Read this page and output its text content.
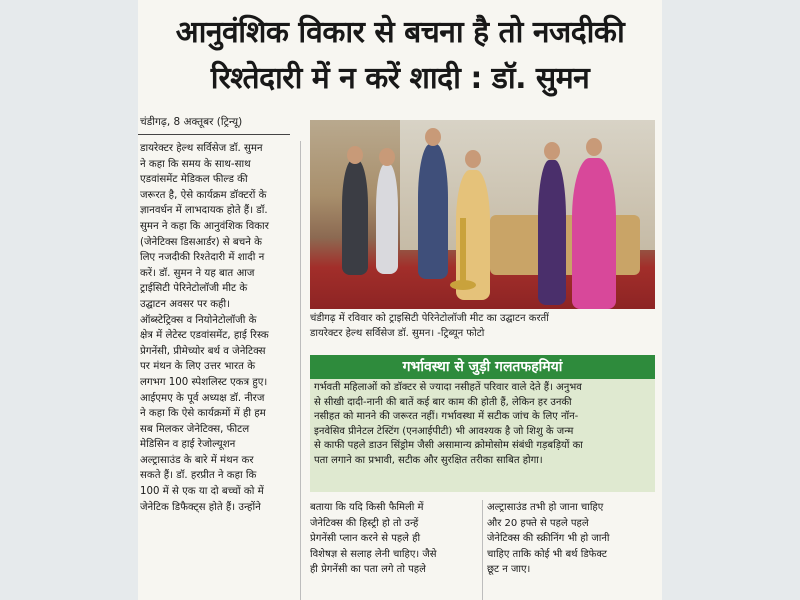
आनुवंशिक विकार से बचना है तो नजदीकी
रिश्तेदारी में न करें शादी : डॉ. सुमन
चंडीगढ़, 8 अक्तूबर (ट्रिन्यू)
डायरेक्टर हेल्थ सर्विसेज डॉ. सुमन
ने कहा कि समय के साथ-साथ
एडवांसमेंट मेडिकल फील्ड की
जरूरत है, ऐसे कार्यक्रम डॉक्टरों के
ज्ञानवर्धन में लाभदायक होते हैं। डॉ.
सुमन ने कहा कि आनुवंशिक विकार
(जेनेटिक्स डिसआर्डर) से बचने के
लिए नजदीकी रिश्तेदारी में शादी न
करें। डॉ. सुमन ने यह बात आज
ट्राईसिटी पेरिनेटोलॉजी मीट के
उद्घाटन अवसर पर कही।
ऑब्स्टेट्रिक्स व नियोनेटोलॉजी के
क्षेत्र में लेटेस्ट एडवांसमेंट, हाई रिस्क
प्रेगनेंसी, प्रीमेच्योर बर्थ व जेनेटिक्स
पर मंथन के लिए उत्तर भारत के
लगभग 100 स्पेशलिस्ट एकत्र हुए।
आईएमए के पूर्व अध्यक्ष डॉ. नीरज
ने कहा कि ऐसे कार्यक्रमों में ही हम
सब मिलकर जेनेटिक्स, फीटल
मेडिसिन व हाई रेजोल्यूशन
अल्ट्रासाउंड के बारे में मंथन कर
सकते हैं। डॉ. हरप्रीत ने कहा कि
100 में से एक या दो बच्चों को में
जेनेटिक डिफैक्ट्स होते हैं। उन्होंने
चंडीगढ़ में रविवार को ट्राइसिटी पेरिनेटोलॉजी मीट का उद्घाटन करतीं
डायरेक्टर हेल्थ सर्विसेज डॉ. सुमन। -ट्रिब्यून फोटो
गर्भावस्था से जुड़ी गलतफहमियां
गर्भवती महिलाओं को डॉक्टर से ज्यादा नसीहतें परिवार वाले देते हैं। अनुभव
से सीखी दादी-नानी की बातें कई बार काम की होती हैं, लेकिन हर उनकी
नसीहत को मानने की जरूरत नहीं। गर्भावस्था में सटीक जांच के लिए नॉन-
इनवेसिव प्रीनेटल टेस्टिंग (एनआईपीटी) भी आवश्यक है जो शिशु के जन्म
से काफी पहले डाउन सिंड्रोम जैसी असामान्य क्रोमोसोम संबंधी गड़बड़ियों का
पता लगाने का प्रभावी, सटीक और सुरक्षित तरीका साबित होगा।
बताया कि यदि किसी फैमिली में
जेनेटिक्स की हिस्ट्री हो तो उन्हें
प्रेगनेंसी प्लान करने से पहले ही
विशेषज्ञ से सलाह लेनी चाहिए। जैसे
ही प्रेगनेंसी का पता लगे तो पहले
अल्ट्रासाउंड तभी हो जाना चाहिए
और 20 हफ्ते से पहले पहले
जेनेटिक्स की स्क्रीनिंग भी हो जानी
चाहिए ताकि कोई भी बर्थ डिफेक्ट
छूट न जाए।
